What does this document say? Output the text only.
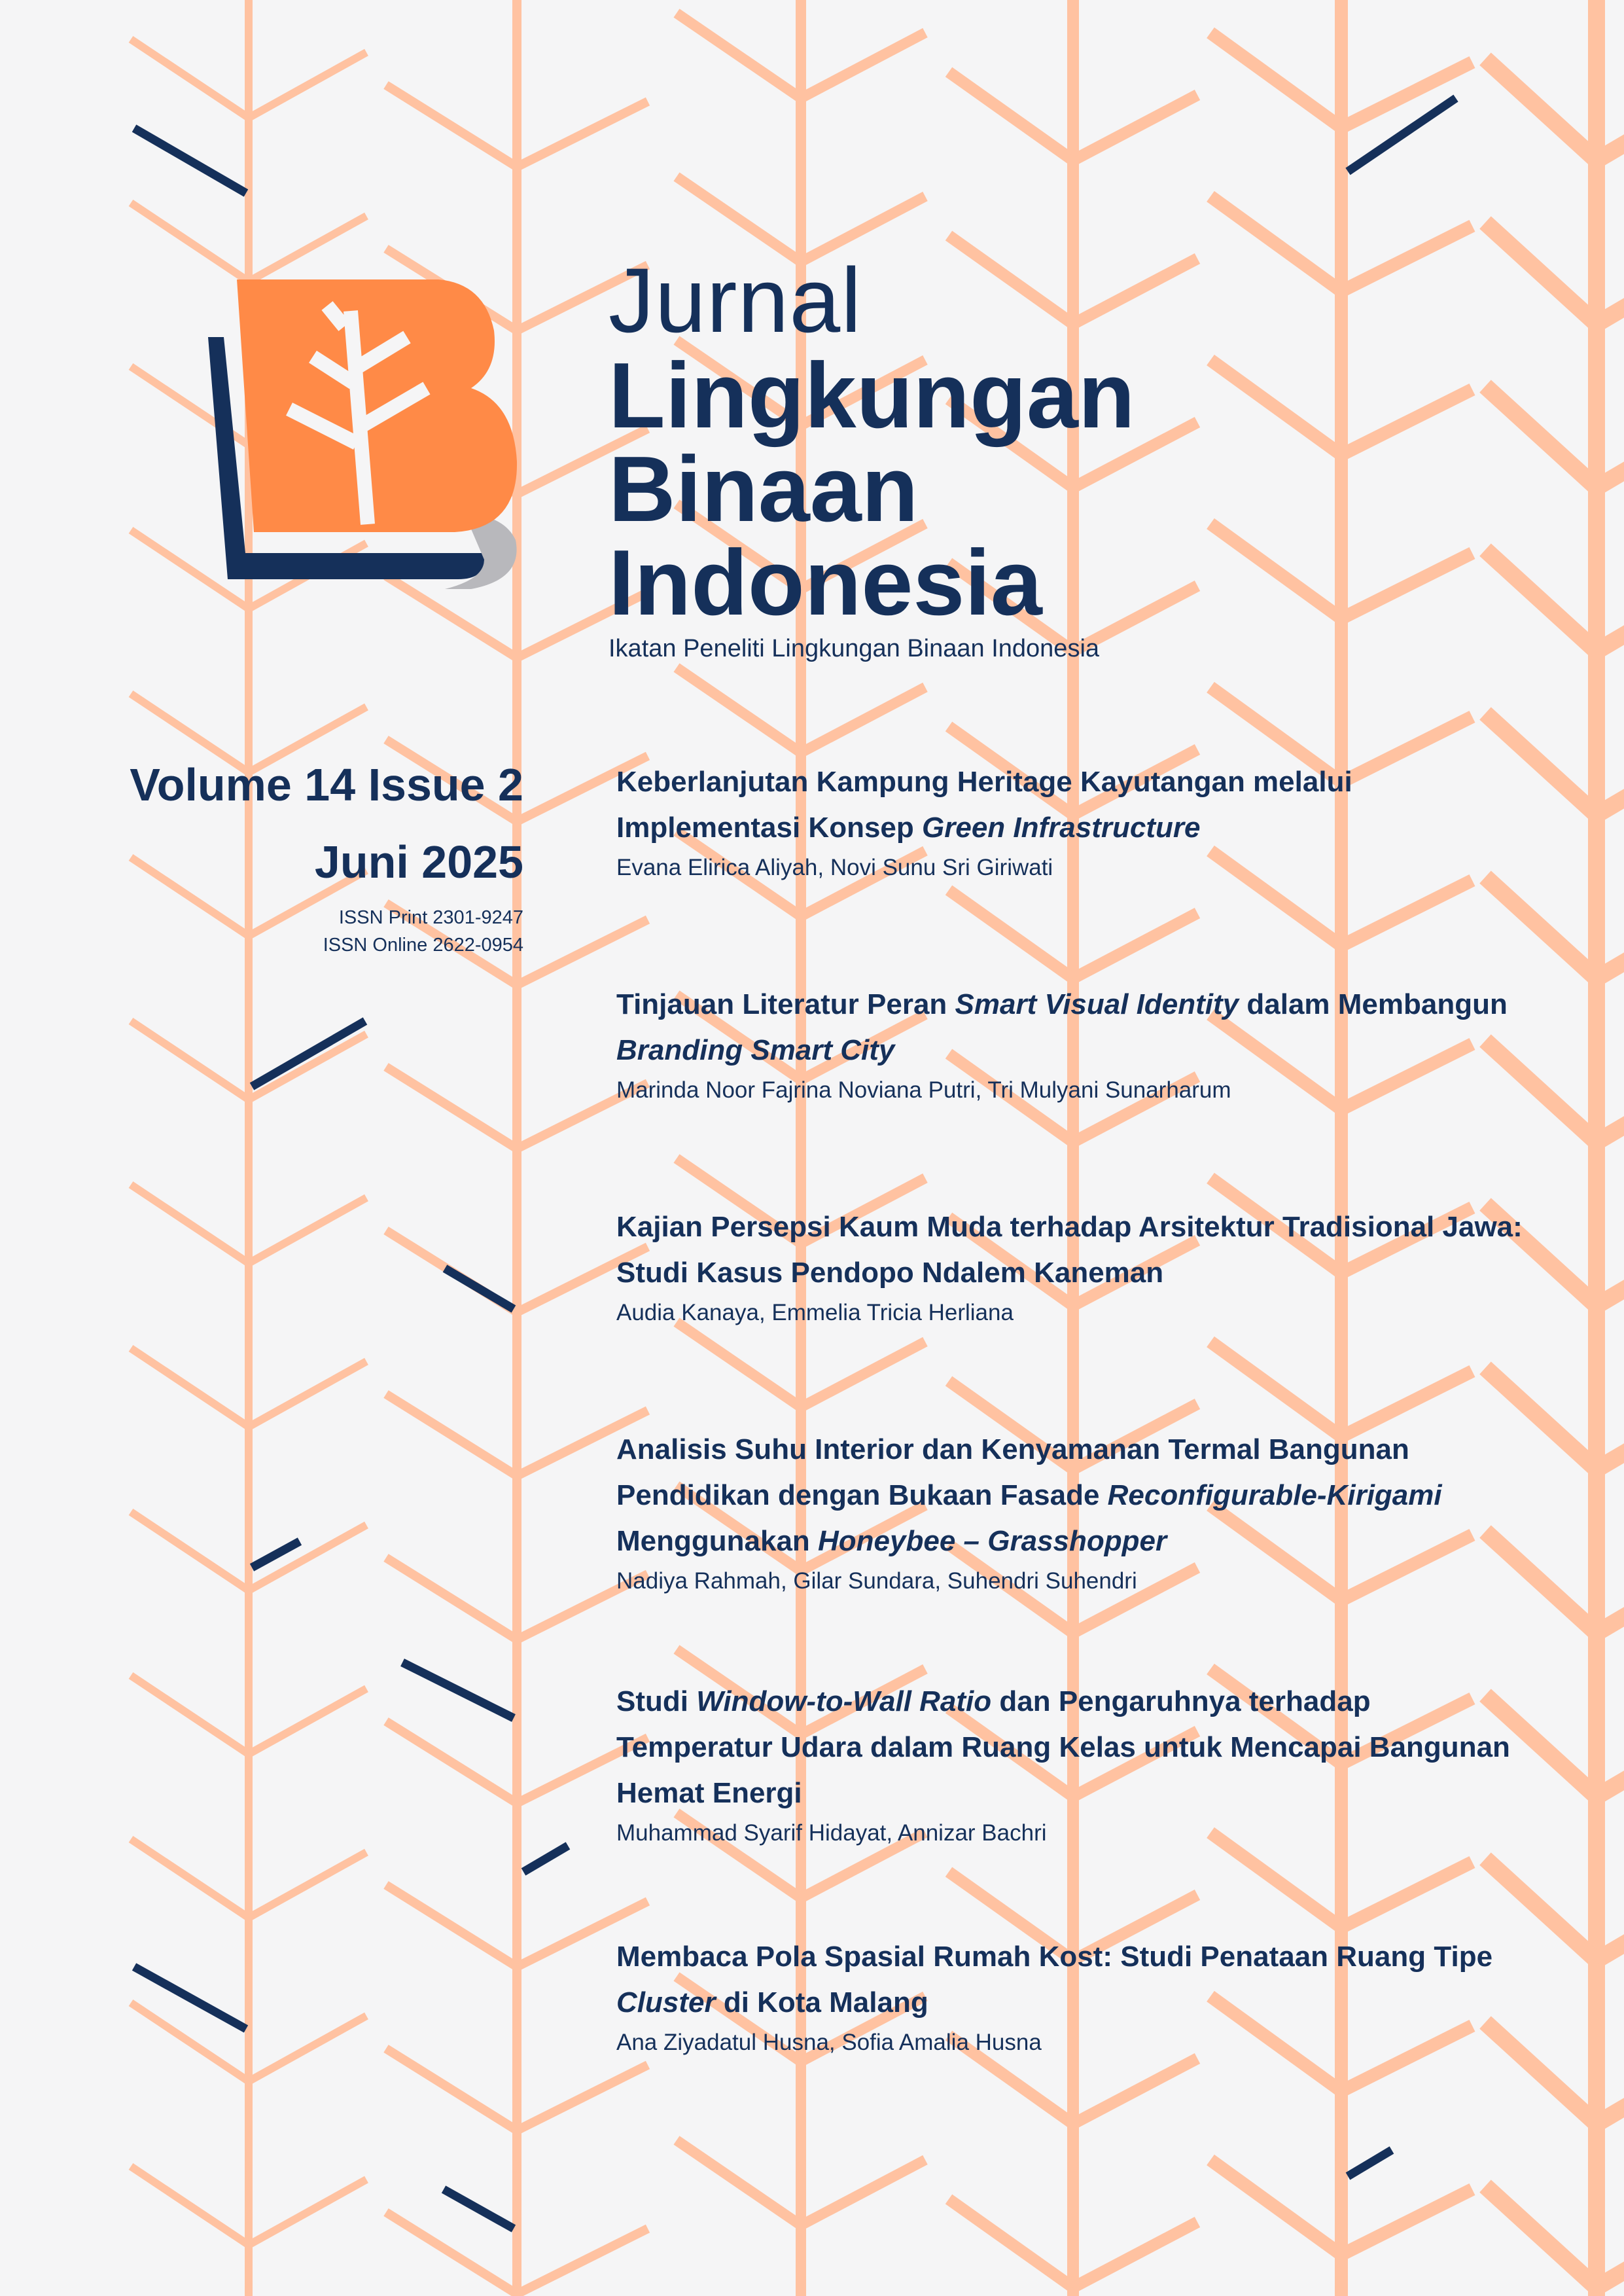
Jurnal
Lingkungan
Binaan
Indonesia
Ikatan Peneliti Lingkungan Binaan Indonesia
Volume 14 Issue 2
Juni 2025
ISSN Print 2301-9247
ISSN Online 2622-0954
Keberlanjutan Kampung Heritage Kayutangan melalui
Implementasi Konsep Green Infrastructure
Evana Elirica Aliyah, Novi Sunu Sri Giriwati
Tinjauan Literatur Peran Smart Visual Identity dalam Membangun
Branding Smart City
Marinda Noor Fajrina Noviana Putri, Tri Mulyani Sunarharum
Kajian Persepsi Kaum Muda terhadap Arsitektur Tradisional Jawa:
Studi Kasus Pendopo Ndalem Kaneman
Audia Kanaya, Emmelia Tricia Herliana
Analisis Suhu Interior dan Kenyamanan Termal Bangunan
Pendidikan dengan Bukaan Fasade Reconfigurable-Kirigami
Menggunakan Honeybee – Grasshopper
Nadiya Rahmah, Gilar Sundara, Suhendri Suhendri
Studi Window-to-Wall Ratio dan Pengaruhnya terhadap
Temperatur Udara dalam Ruang Kelas untuk Mencapai Bangunan
Hemat Energi
Muhammad Syarif Hidayat, Annizar Bachri
Membaca Pola Spasial Rumah Kost: Studi Penataan Ruang Tipe
Cluster di Kota Malang
Ana Ziyadatul Husna, Sofia Amalia Husna
